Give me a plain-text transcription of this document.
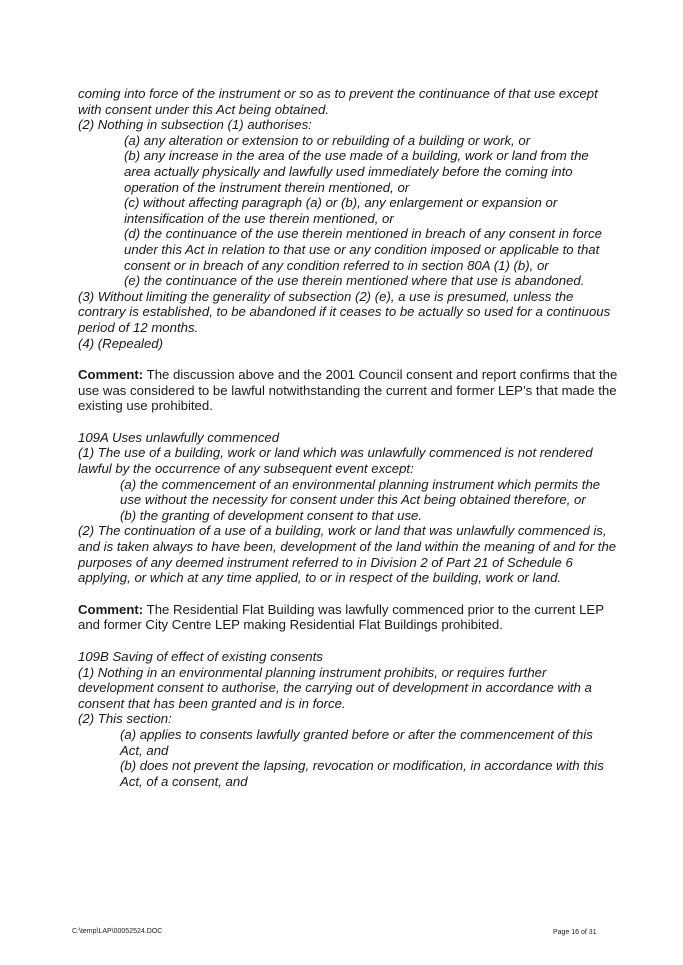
coming into force of the instrument or so as to prevent the continuance of that use except with consent under this Act being obtained.

(2) Nothing in subsection (1) authorises:

(a) any alteration or extension to or rebuilding of a building or work, or

(b) any increase in the area of the use made of a building, work or land from the area actually physically and lawfully used immediately before the coming into operation of the instrument therein mentioned, or

(c) without affecting paragraph (a) or (b), any enlargement or expansion or intensification of the use therein mentioned, or

(d) the continuance of the use therein mentioned in breach of any consent in force under this Act in relation to that use or any condition imposed or applicable to that consent or in breach of any condition referred to in section 80A (1) (b), or

(e) the continuance of the use therein mentioned where that use is abandoned.

(3) Without limiting the generality of subsection (2) (e), a use is presumed, unless the contrary is established, to be abandoned if it ceases to be actually so used for a continuous period of 12 months.

(4) (Repealed)

Comment: The discussion above and the 2001 Council consent and report confirms that the use was considered to be lawful notwithstanding the current and former LEP’s that made the existing use prohibited.

109A Uses unlawfully commenced

(1) The use of a building, work or land which was unlawfully commenced is not rendered lawful by the occurrence of any subsequent event except:

(a) the commencement of an environmental planning instrument which permits the use without the necessity for consent under this Act being obtained therefore, or

(b) the granting of development consent to that use.

(2) The continuation of a use of a building, work or land that was unlawfully commenced is, and is taken always to have been, development of the land within the meaning of and for the purposes of any deemed instrument referred to in Division 2 of Part 21 of Schedule 6 applying, or which at any time applied, to or in respect of the building, work or land.

Comment: The Residential Flat Building was lawfully commenced prior to the current LEP and former City Centre LEP making Residential Flat Buildings prohibited.

109B Saving of effect of existing consents

(1) Nothing in an environmental planning instrument prohibits, or requires further development consent to authorise, the carrying out of development in accordance with a consent that has been granted and is in force.

(2) This section:

(a) applies to consents lawfully granted before or after the commencement of this Act, and

(b) does not prevent the lapsing, revocation or modification, in accordance with this Act, of a consent, and

C:\temp\LAP\00052524.DOC	Page 16 of 31
